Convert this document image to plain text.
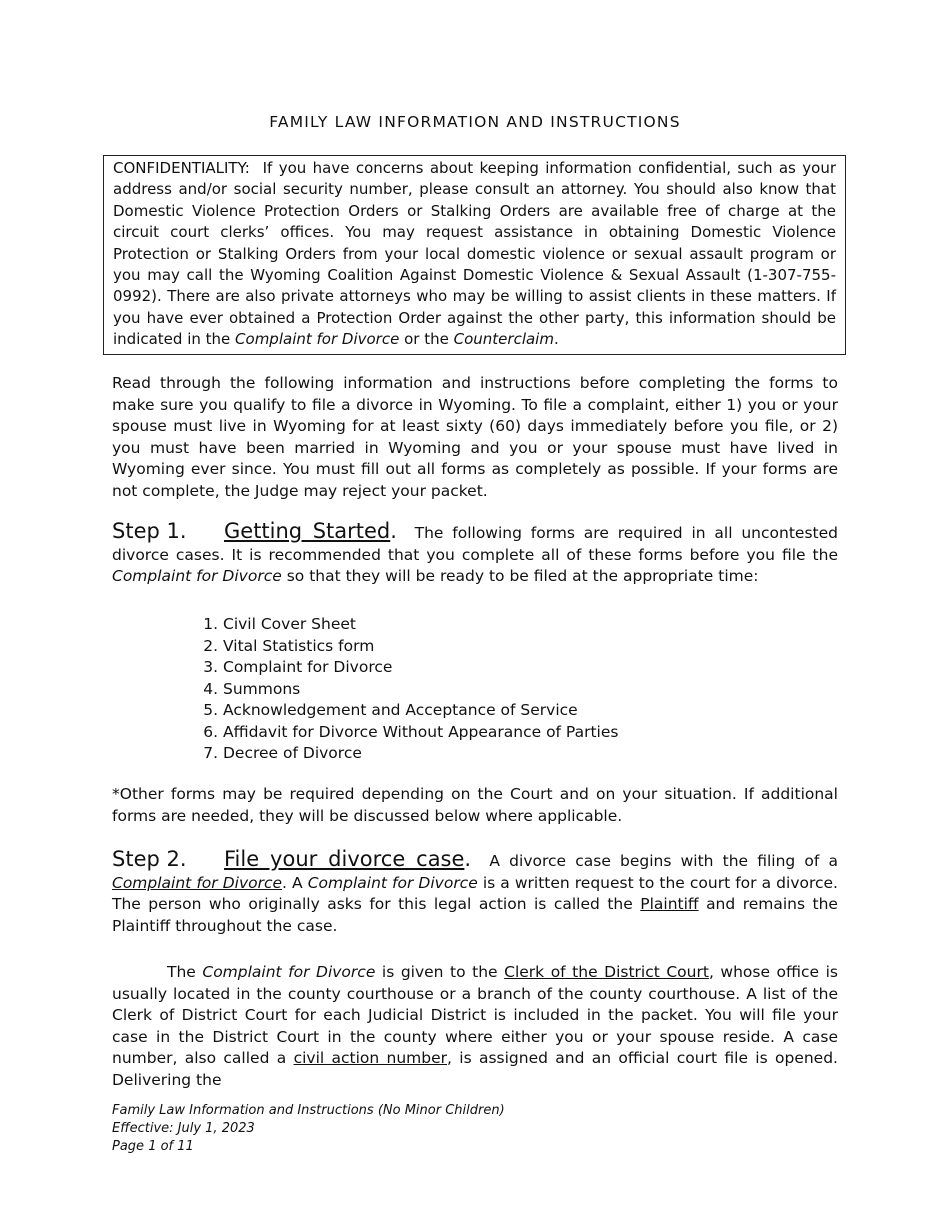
FAMILY LAW INFORMATION AND INSTRUCTIONS
CONFIDENTIALITY: If you have concerns about keeping information confidential, such as your address and/or social security number, please consult an attorney. You should also know that Domestic Violence Protection Orders or Stalking Orders are available free of charge at the circuit court clerks’ offices. You may request assistance in obtaining Domestic Violence Protection or Stalking Orders from your local domestic violence or sexual assault program or you may call the Wyoming Coalition Against Domestic Violence & Sexual Assault (1-307-755-0992). There are also private attorneys who may be willing to assist clients in these matters. If you have ever obtained a Protection Order against the other party, this information should be indicated in the Complaint for Divorce or the Counterclaim.
Read through the following information and instructions before completing the forms to make sure you qualify to file a divorce in Wyoming. To file a complaint, either 1) you or your spouse must live in Wyoming for at least sixty (60) days immediately before you file, or 2) you must have been married in Wyoming and you or your spouse must have lived in Wyoming ever since. You must fill out all forms as completely as possible. If your forms are not complete, the Judge may reject your packet.
Step 1. Getting Started. The following forms are required in all uncontested divorce cases. It is recommended that you complete all of these forms before you file the Complaint for Divorce so that they will be ready to be filed at the appropriate time:
1. Civil Cover Sheet
2. Vital Statistics form
3. Complaint for Divorce
4. Summons
5. Acknowledgement and Acceptance of Service
6. Affidavit for Divorce Without Appearance of Parties
7. Decree of Divorce
*Other forms may be required depending on the Court and on your situation. If additional forms are needed, they will be discussed below where applicable.
Step 2. File your divorce case. A divorce case begins with the filing of a Complaint for Divorce. A Complaint for Divorce is a written request to the court for a divorce. The person who originally asks for this legal action is called the Plaintiff and remains the Plaintiff throughout the case.
The Complaint for Divorce is given to the Clerk of the District Court, whose office is usually located in the county courthouse or a branch of the county courthouse. A list of the Clerk of District Court for each Judicial District is included in the packet. You will file your case in the District Court in the county where either you or your spouse reside. A case number, also called a civil action number, is assigned and an official court file is opened. Delivering the
Family Law Information and Instructions (No Minor Children)
Effective: July 1, 2023
Page 1 of 11
